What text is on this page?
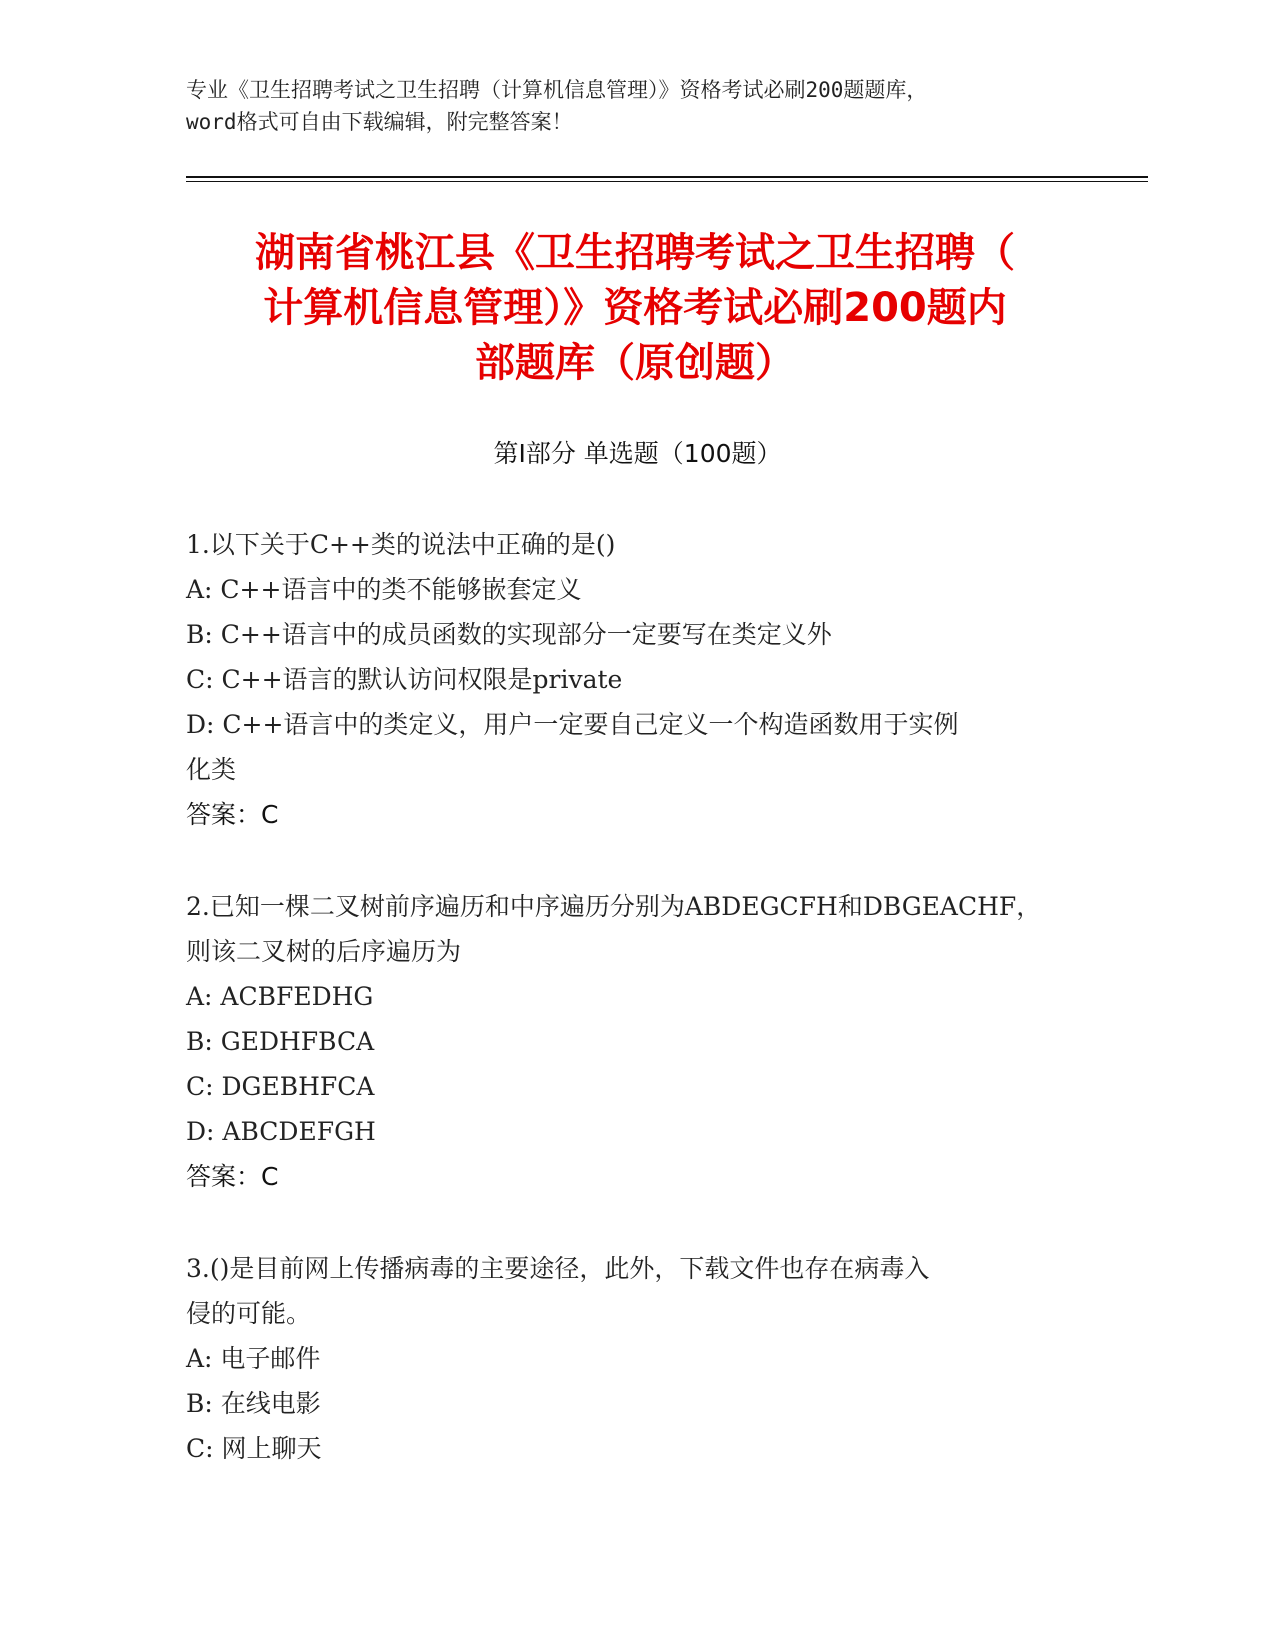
专业《卫生招聘考试之卫生招聘（计算机信息管理）》资格考试必刷200题题库，
word格式可自由下载编辑，附完整答案！
湖南省桃江县《卫生招聘考试之卫生招聘（
计算机信息管理）》资格考试必刷200题内
部题库（原创题）
第Ⅰ部分 单选题（100题）
1.以下关于C++类的说法中正确的是()
A: C++语言中的类不能够嵌套定义
B: C++语言中的成员函数的实现部分一定要写在类定义外
C: C++语言的默认访问权限是private
D: C++语言中的类定义，用户一定要自己定义一个构造函数用于实例
化类
答案：C
2.已知一棵二叉树前序遍历和中序遍历分别为ABDEGCFH和DBGEACHF，
则该二叉树的后序遍历为
A: ACBFEDHG
B: GEDHFBCA
C: DGEBHFCA
D: ABCDEFGH
答案：C
3.()是目前网上传播病毒的主要途径，此外，下载文件也存在病毒入
侵的可能。
A: 电子邮件
B: 在线电影
C: 网上聊天
